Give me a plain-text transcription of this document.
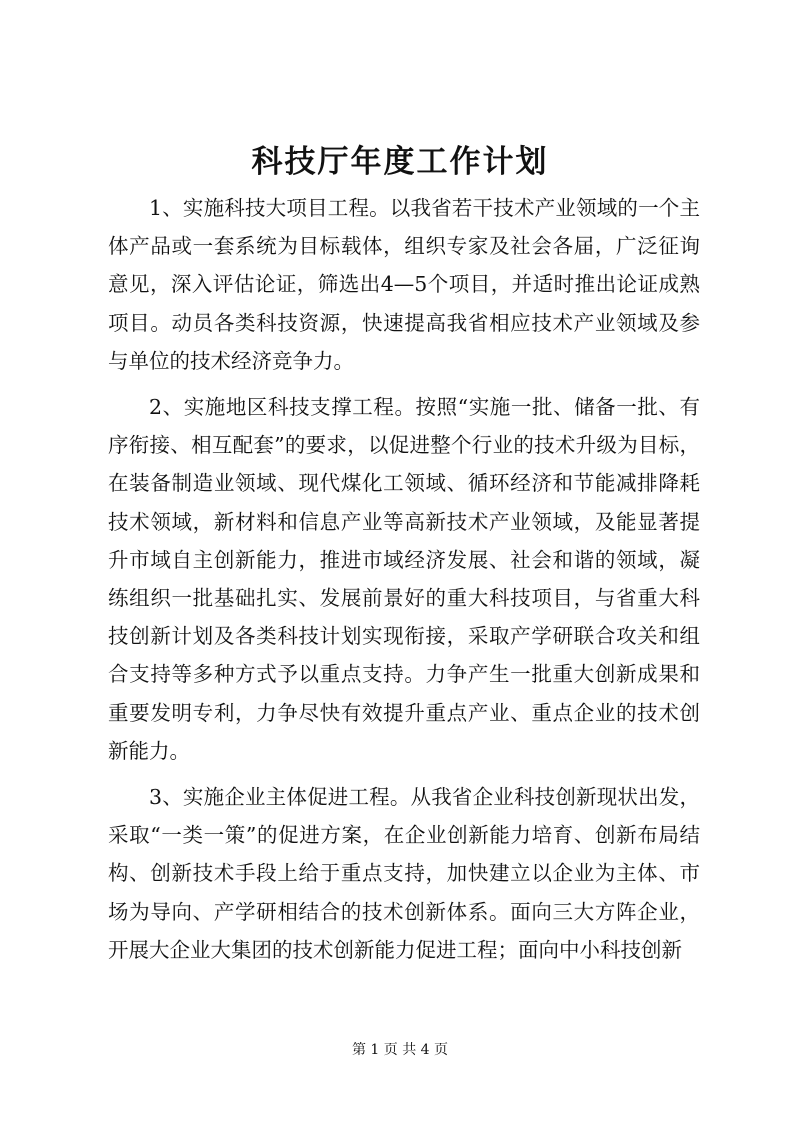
科技厅年度工作计划

1、实施科技大项目工程。以我省若干技术产业领域的一个主体产品或一套系统为目标载体，组织专家及社会各届，广泛征询意见，深入评估论证，筛选出4—5个项目，并适时推出论证成熟项目。动员各类科技资源，快速提高我省相应技术产业领域及参与单位的技术经济竞争力。

2、实施地区科技支撑工程。按照“实施一批、储备一批、有序衔接、相互配套”的要求，以促进整个行业的技术升级为目标，在装备制造业领域、现代煤化工领域、循环经济和节能减排降耗技术领域，新材料和信息产业等高新技术产业领域，及能显著提升市域自主创新能力，推进市域经济发展、社会和谐的领域，凝练组织一批基础扎实、发展前景好的重大科技项目，与省重大科技创新计划及各类科技计划实现衔接，采取产学研联合攻关和组合支持等多种方式予以重点支持。力争产生一批重大创新成果和重要发明专利，力争尽快有效提升重点产业、重点企业的技术创新能力。

3、实施企业主体促进工程。从我省企业科技创新现状出发，采取“一类一策”的促进方案，在企业创新能力培育、创新布局结构、创新技术手段上给于重点支持，加快建立以企业为主体、市场为导向、产学研相结合的技术创新体系。面向三大方阵企业，开展大企业大集团的技术创新能力促进工程；面向中小科技创新

第 1 页 共 4 页
